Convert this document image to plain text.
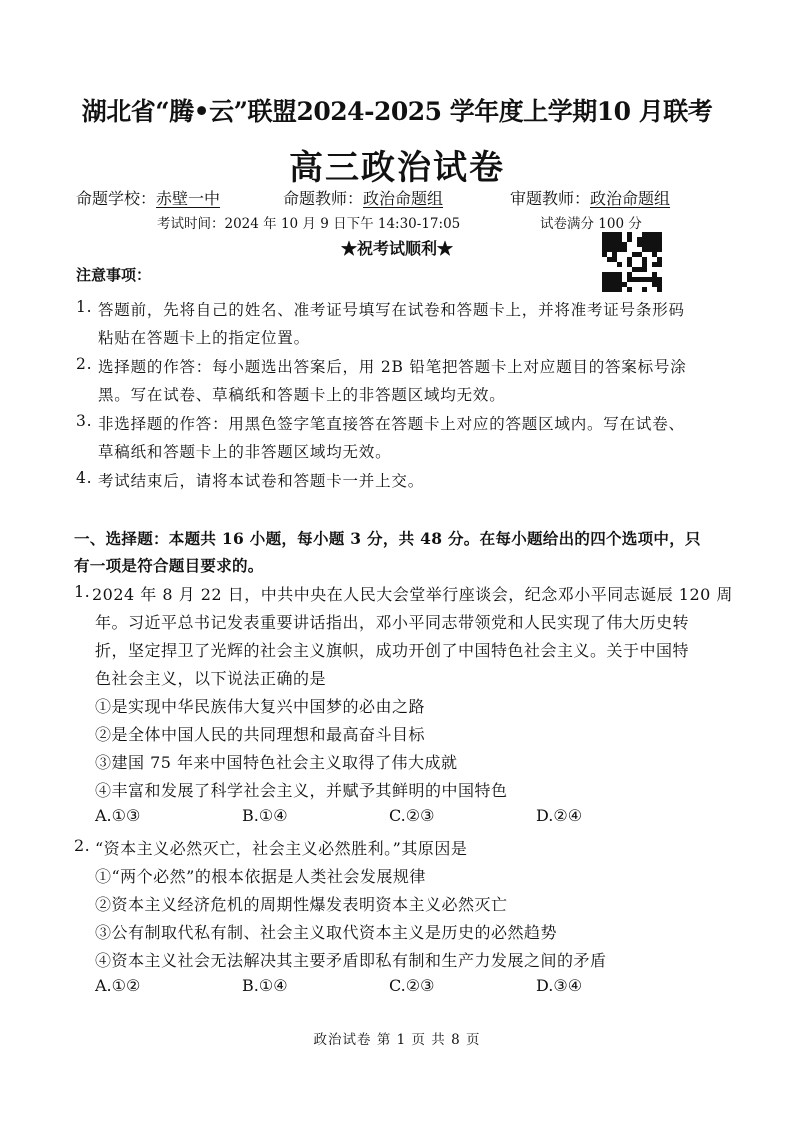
湖北省“腾•云”联盟2024-2025 学年度上学期10 月联考
高三政治试卷
命题学校：赤壁一中	命题教师：政治命题组	审题教师：政治命题组
考试时间：2024 年 10 月 9 日下午 14:30-17:05	试卷满分 100 分
★祝考试顺利★
注意事项：
1. 答题前，先将自己的姓名、准考证号填写在试卷和答题卡上，并将准考证号条形码
粘贴在答题卡上的指定位置。
2. 选择题的作答：每小题选出答案后，用 2B 铅笔把答题卡上对应题目的答案标号涂
黑。写在试卷、草稿纸和答题卡上的非答题区域均无效。
3. 非选择题的作答：用黑色签字笔直接答在答题卡上对应的答题区域内。写在试卷、
草稿纸和答题卡上的非答题区域均无效。
4. 考试结束后，请将本试卷和答题卡一并上交。
一、选择题：本题共 16 小题，每小题 3 分，共 48 分。在每小题给出的四个选项中，只
有一项是符合题目要求的。
1. 2024 年 8 月 22 日，中共中央在人民大会堂举行座谈会，纪念邓小平同志诞辰 120 周
年。习近平总书记发表重要讲话指出，邓小平同志带领党和人民实现了伟大历史转
折，坚定捍卫了光辉的社会主义旗帜，成功开创了中国特色社会主义。关于中国特
色社会主义，以下说法正确的是
①是实现中华民族伟大复兴中国梦的必由之路
②是全体中国人民的共同理想和最高奋斗目标
③建国 75 年来中国特色社会主义取得了伟大成就
④丰富和发展了科学社会主义，并赋予其鲜明的中国特色
A.①③	B.①④	C.②③	D.②④
2. “资本主义必然灭亡，社会主义必然胜利。”其原因是
①“两个必然”的根本依据是人类社会发展规律
②资本主义经济危机的周期性爆发表明资本主义必然灭亡
③公有制取代私有制、社会主义取代资本主义是历史的必然趋势
④资本主义社会无法解决其主要矛盾即私有制和生产力发展之间的矛盾
A.①②	B.①④	C.②③	D.③④
政治试卷 第 1 页 共 8 页
